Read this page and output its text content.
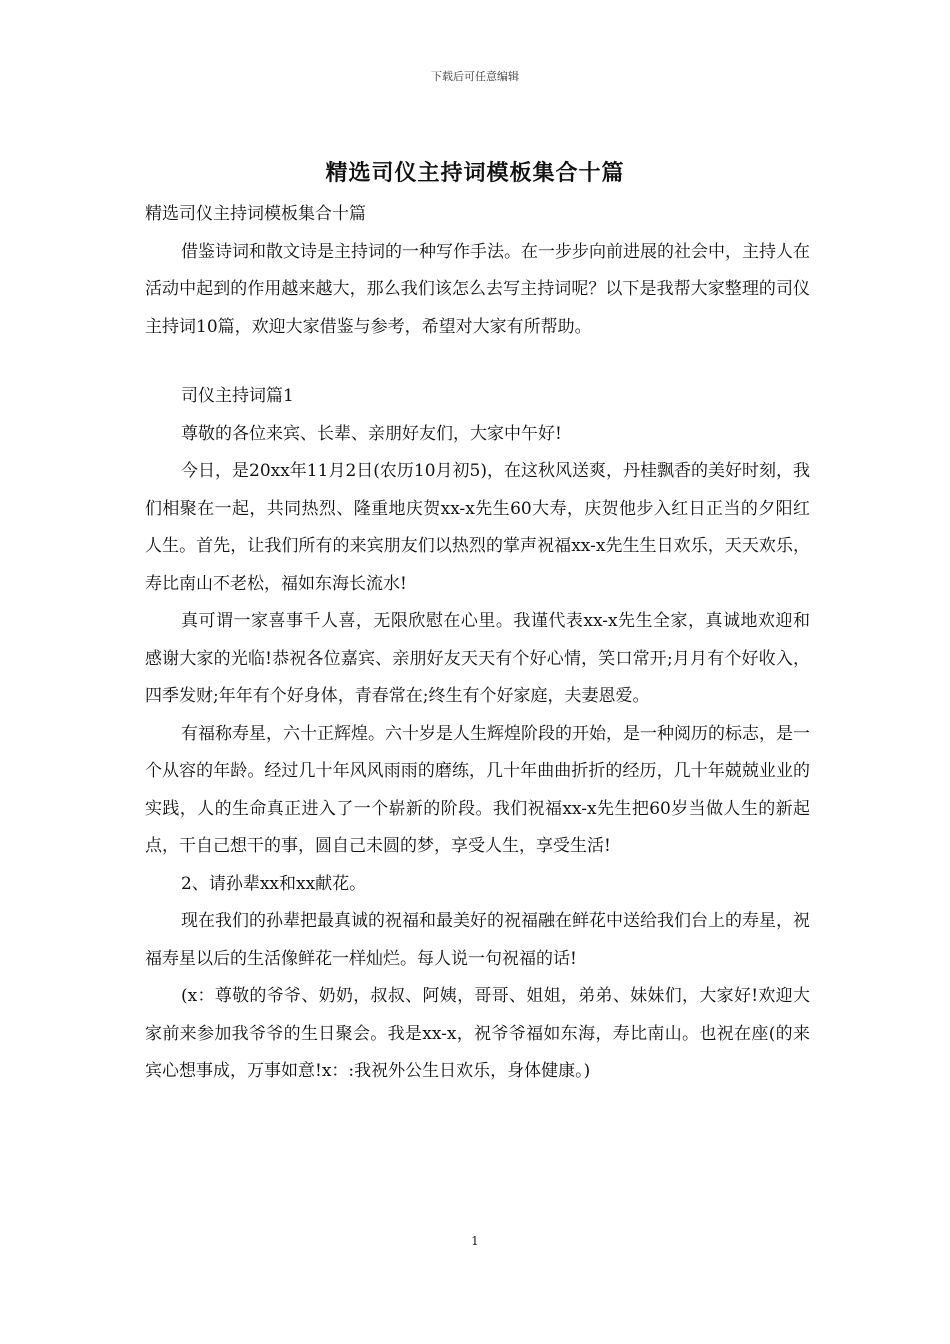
下载后可任意编辑
精选司仪主持词模板集合十篇

精选司仪主持词模板集合十篇

借鉴诗词和散文诗是主持词的一种写作手法。在一步步向前进展的社会中，主持人在活动中起到的作用越来越大，那么我们该怎么去写主持词呢？以下是我帮大家整理的司仪主持词10篇，欢迎大家借鉴与参考，希望对大家有所帮助。

司仪主持词篇1

尊敬的各位来宾、长辈、亲朋好友们，大家中午好!

今日，是20xx年11月2日(农历10月初5)，在这秋风送爽，丹桂飘香的美好时刻，我们相聚在一起，共同热烈、隆重地庆贺xx-x先生60大寿，庆贺他步入红日正当的夕阳红人生。首先，让我们所有的来宾朋友们以热烈的掌声祝福xx-x先生生日欢乐，天天欢乐，寿比南山不老松，福如东海长流水!

真可谓一家喜事千人喜，无限欣慰在心里。我谨代表xx-x先生全家，真诚地欢迎和感谢大家的光临!恭祝各位嘉宾、亲朋好友天天有个好心情，笑口常开;月月有个好收入，四季发财;年年有个好身体，青春常在;终生有个好家庭，夫妻恩爱。

有福称寿星，六十正辉煌。六十岁是人生辉煌阶段的开始，是一种阅历的标志，是一个从容的年龄。经过几十年风风雨雨的磨练，几十年曲曲折折的经历，几十年兢兢业业的实践，人的生命真正进入了一个崭新的阶段。我们祝福xx-x先生把60岁当做人生的新起点，干自己想干的事，圆自己未圆的梦，享受人生，享受生活!

2、请孙辈xx和xx献花。

现在我们的孙辈把最真诚的祝福和最美好的祝福融在鲜花中送给我们台上的寿星，祝福寿星以后的生活像鲜花一样灿烂。每人说一句祝福的话!

(x：尊敬的爷爷、奶奶，叔叔、阿姨，哥哥、姐姐，弟弟、妹妹们，大家好!欢迎大家前来参加我爷爷的生日聚会。我是xx-x，祝爷爷福如东海，寿比南山。也祝在座(的来宾心想事成，万事如意!x：:我祝外公生日欢乐，身体健康。)

1
